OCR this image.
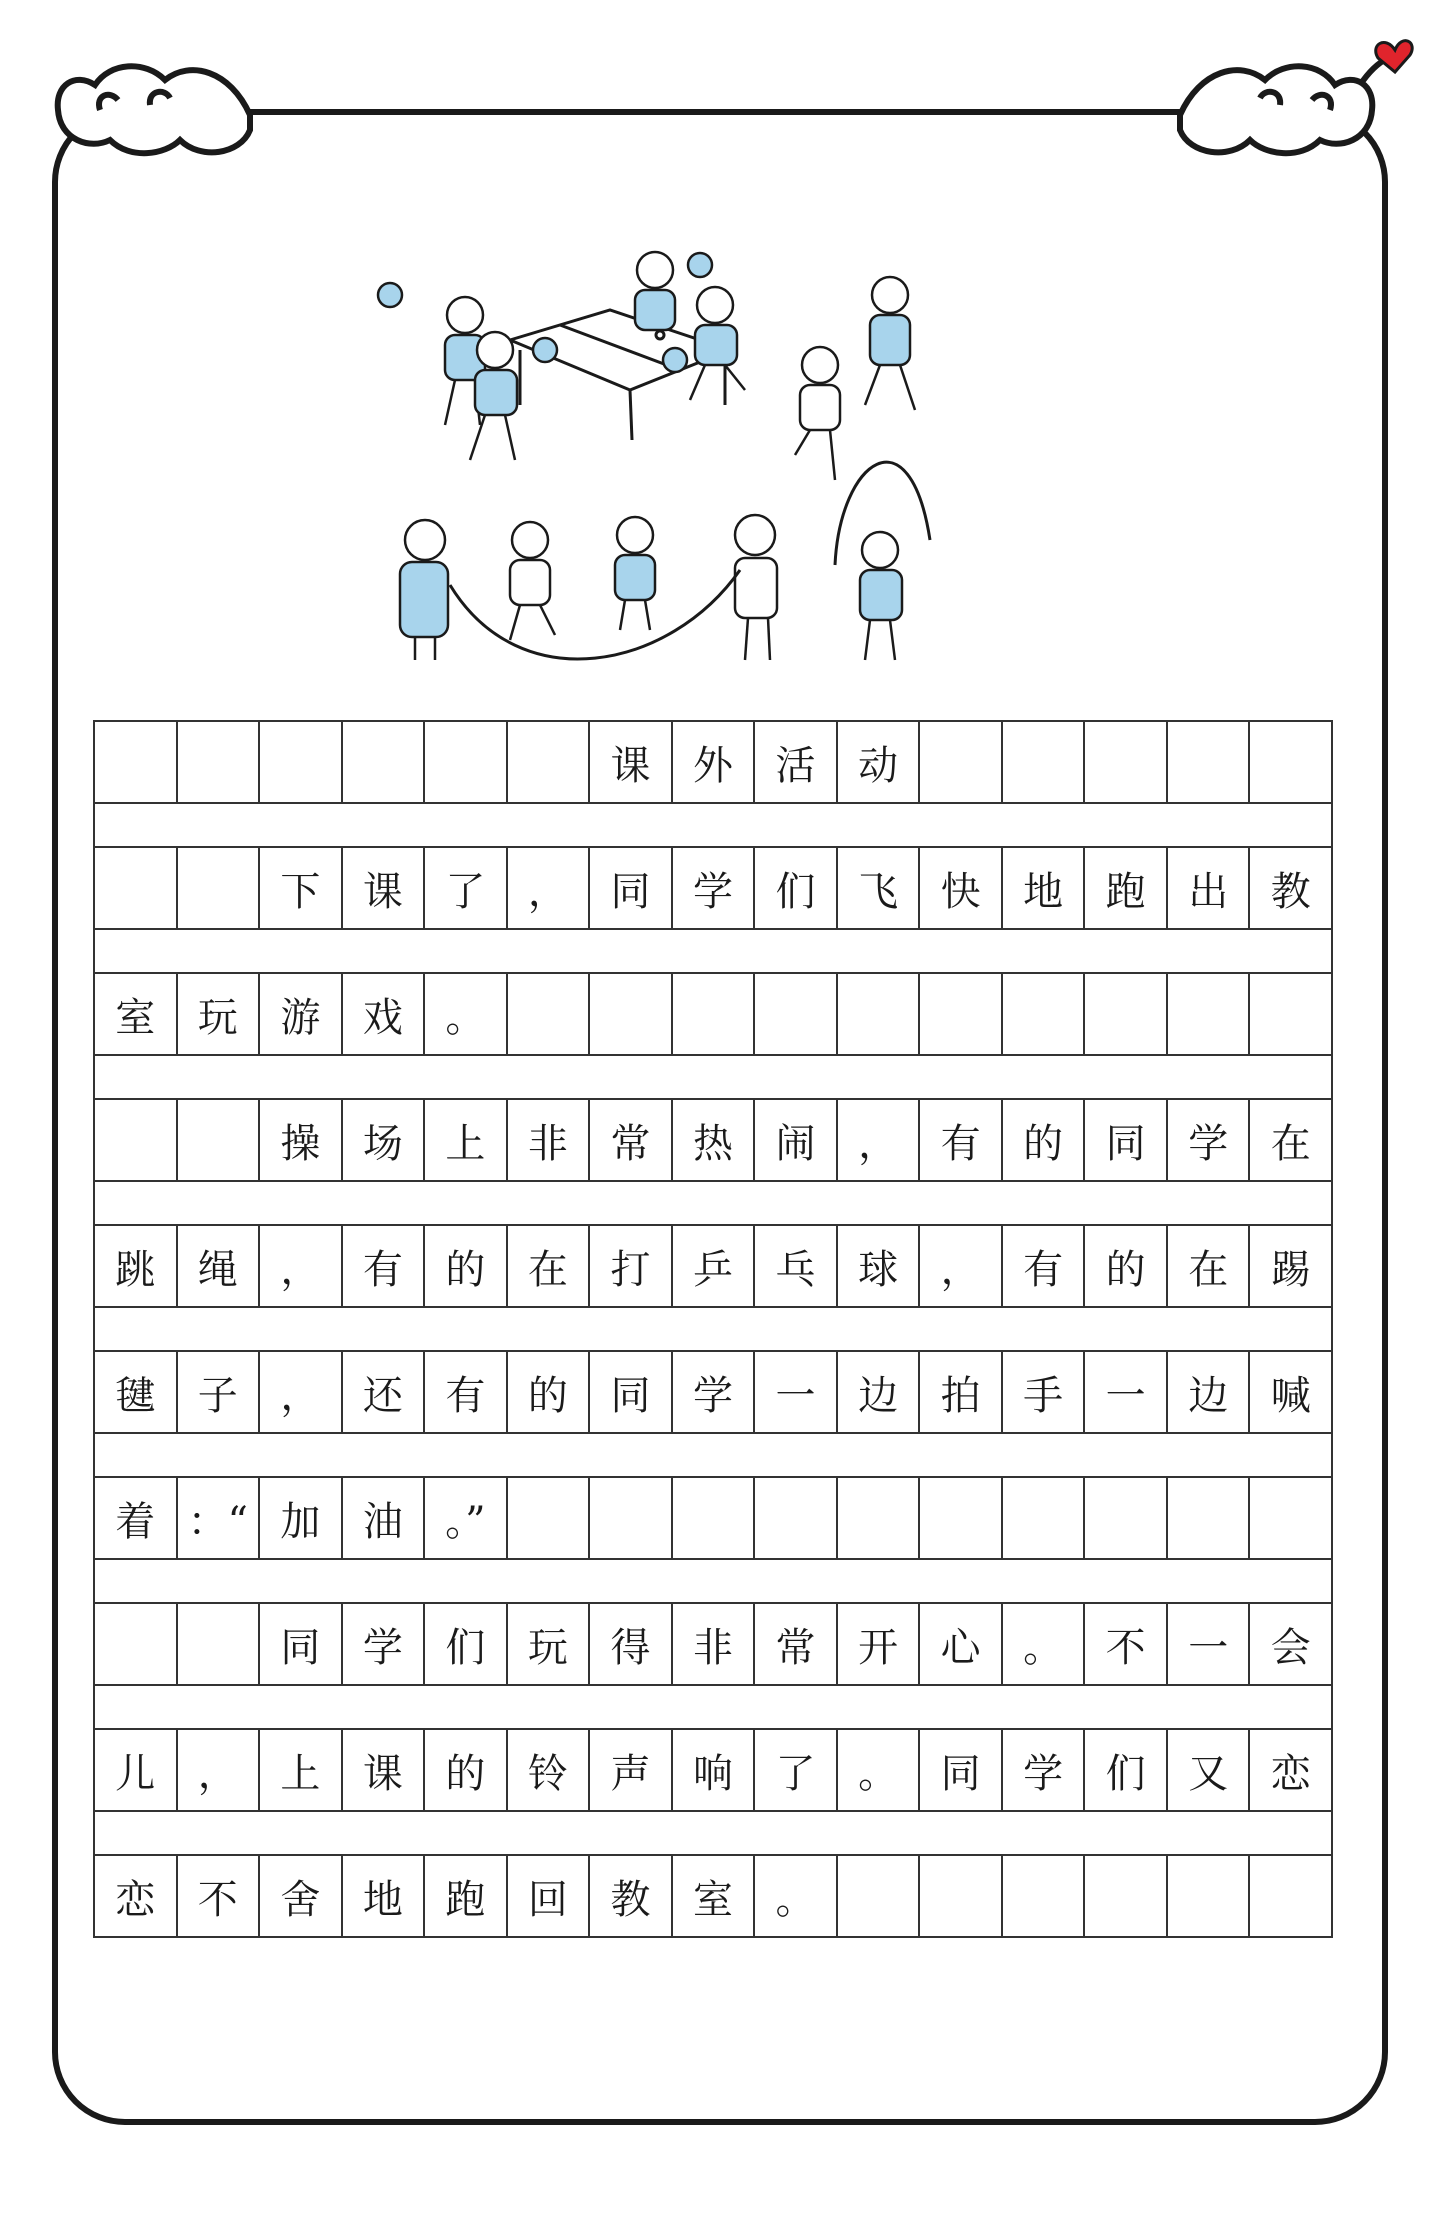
课	外	活	动
下	课	了	，	同	学	们	飞	快	地	跑	出	教
室	玩	游	戏	。
操	场	上	非	常	热	闹	，	有	的	同	学	在
跳	绳	，	有	的	在	打	乒	乓	球	，	有	的	在	踢
毽	子	，	还	有	的	同	学	一	边	拍	手	一	边	喊
着 ：“ 加	油	。”
同	学	们	玩	得	非	常	开	心	。	不	一	会
儿	，	上	课	的	铃	声	响	了	。	同	学	们	又	恋
恋	不	舍	地	跑	回	教	室	。
